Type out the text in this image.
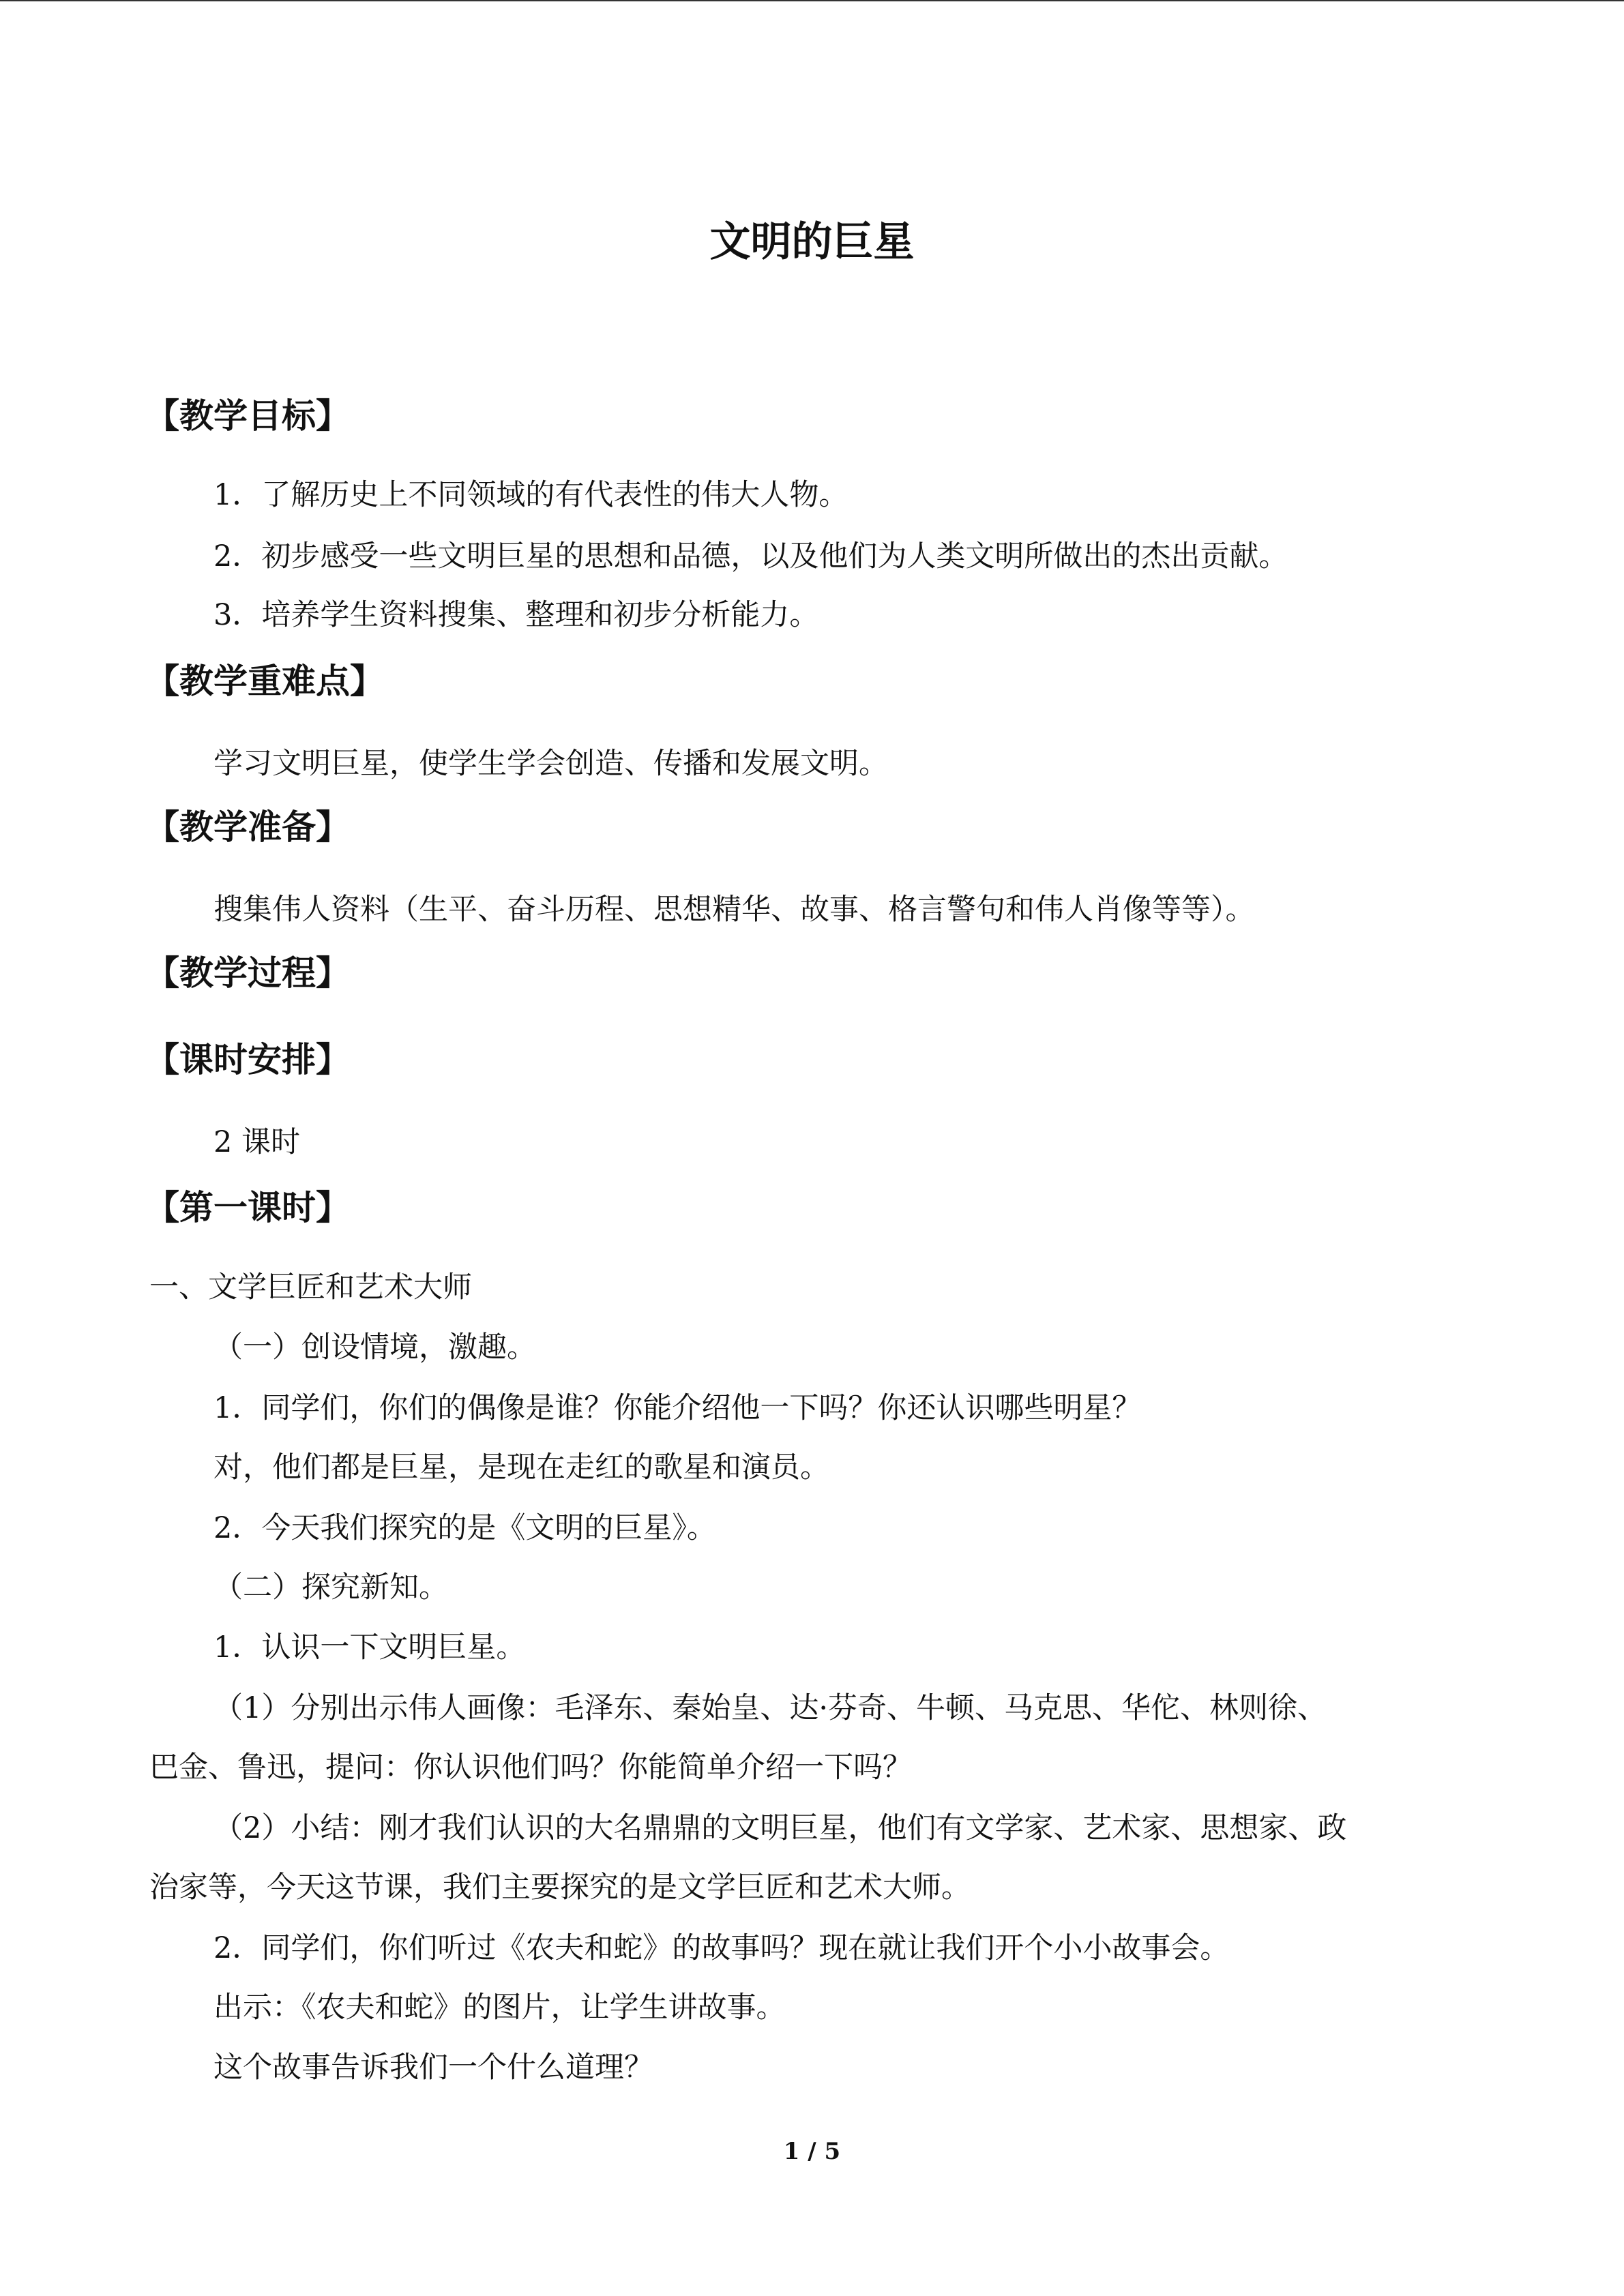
文明的巨星
【教学目标】
1．了解历史上不同领域的有代表性的伟大人物。
2．初步感受一些文明巨星的思想和品德，以及他们为人类文明所做出的杰出贡献。
3．培养学生资料搜集、整理和初步分析能力。
【教学重难点】
学习文明巨星，使学生学会创造、传播和发展文明。
【教学准备】
搜集伟人资料（生平、奋斗历程、思想精华、故事、格言警句和伟人肖像等等）。
【教学过程】
【课时安排】
2 课时
【第一课时】
一、文学巨匠和艺术大师
（一）创设情境，激趣。
1．同学们，你们的偶像是谁？你能介绍他一下吗？你还认识哪些明星？
对，他们都是巨星，是现在走红的歌星和演员。
2．今天我们探究的是《文明的巨星》。
（二）探究新知。
1．认识一下文明巨星。
（1）分别出示伟人画像：毛泽东、秦始皇、达·芬奇、牛顿、马克思、华佗、林则徐、
巴金、鲁迅，提问：你认识他们吗？你能简单介绍一下吗？
（2）小结：刚才我们认识的大名鼎鼎的文明巨星，他们有文学家、艺术家、思想家、政
治家等，今天这节课，我们主要探究的是文学巨匠和艺术大师。
2．同学们，你们听过《农夫和蛇》的故事吗？现在就让我们开个小小故事会。
出示：《农夫和蛇》的图片，让学生讲故事。
这个故事告诉我们一个什么道理？
1 / 5
